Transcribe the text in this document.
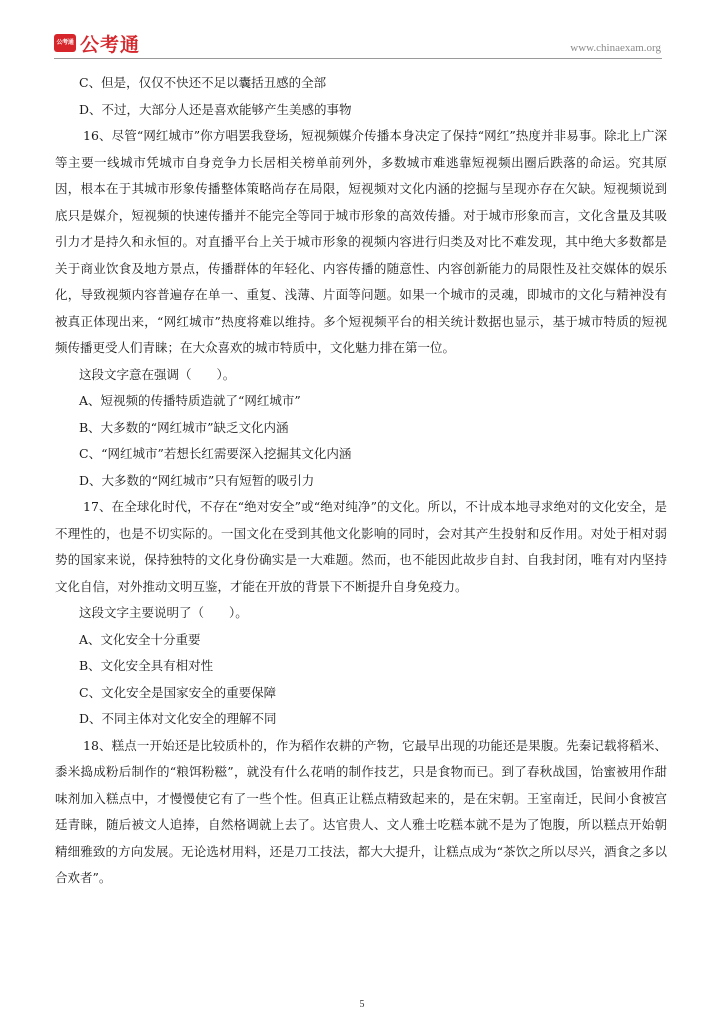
公考通 公考通	www.chinaexam.org

C、但是，仅仅不快还不足以囊括丑感的全部

D、不过，大部分人还是喜欢能够产生美感的事物

16、尽管“网红城市”你方唱罢我登场，短视频媒介传播本身决定了保持“网红”热度并非易事。除北上广深等主要一线城市凭城市自身竞争力长居相关榜单前列外，多数城市难逃靠短视频出圈后跌落的命运。究其原因，根本在于其城市形象传播整体策略尚存在局限，短视频对文化内涵的挖掘与呈现亦存在欠缺。短视频说到底只是媒介，短视频的快速传播并不能完全等同于城市形象的高效传播。对于城市形象而言，文化含量及其吸引力才是持久和永恒的。对直播平台上关于城市形象的视频内容进行归类及对比不难发现，其中绝大多数都是关于商业饮食及地方景点，传播群体的年轻化、内容传播的随意性、内容创新能力的局限性及社交媒体的娱乐化，导致视频内容普遍存在单一、重复、浅薄、片面等问题。如果一个城市的灵魂，即城市的文化与精神没有被真正体现出来，“网红城市”热度将难以维持。多个短视频平台的相关统计数据也显示，基于城市特质的短视频传播更受人们青睐；在大众喜欢的城市特质中，文化魅力排在第一位。

这段文字意在强调（　　）。

A、短视频的传播特质造就了“网红城市”

B、大多数的“网红城市”缺乏文化内涵

C、“网红城市”若想长红需要深入挖掘其文化内涵

D、大多数的“网红城市”只有短暂的吸引力

17、在全球化时代，不存在“绝对安全”或“绝对纯净”的文化。所以，不计成本地寻求绝对的文化安全，是不理性的，也是不切实际的。一国文化在受到其他文化影响的同时，会对其产生投射和反作用。对处于相对弱势的国家来说，保持独特的文化身份确实是一大难题。然而，也不能因此故步自封、自我封闭，唯有对内坚持文化自信，对外推动文明互鉴，才能在开放的背景下不断提升自身免疫力。

这段文字主要说明了（　　）。

A、文化安全十分重要

B、文化安全具有相对性

C、文化安全是国家安全的重要保障

D、不同主体对文化安全的理解不同

18、糕点一开始还是比较质朴的，作为稻作农耕的产物，它最早出现的功能还是果腹。先秦记载将稻米、黍米捣成粉后制作的“粮饵粉糍”，就没有什么花哨的制作技艺，只是食物而已。到了春秋战国，饴蜜被用作甜味剂加入糕点中，才慢慢使它有了一些个性。但真正让糕点精致起来的，是在宋朝。王室南迁，民间小食被宫廷青睐，随后被文人追捧，自然格调就上去了。达官贵人、文人雅士吃糕本就不是为了饱腹，所以糕点开始朝精细雅致的方向发展。无论选材用料，还是刀工技法，都大大提升，让糕点成为“茶饮之所以尽兴，酒食之多以合欢者”。

5
